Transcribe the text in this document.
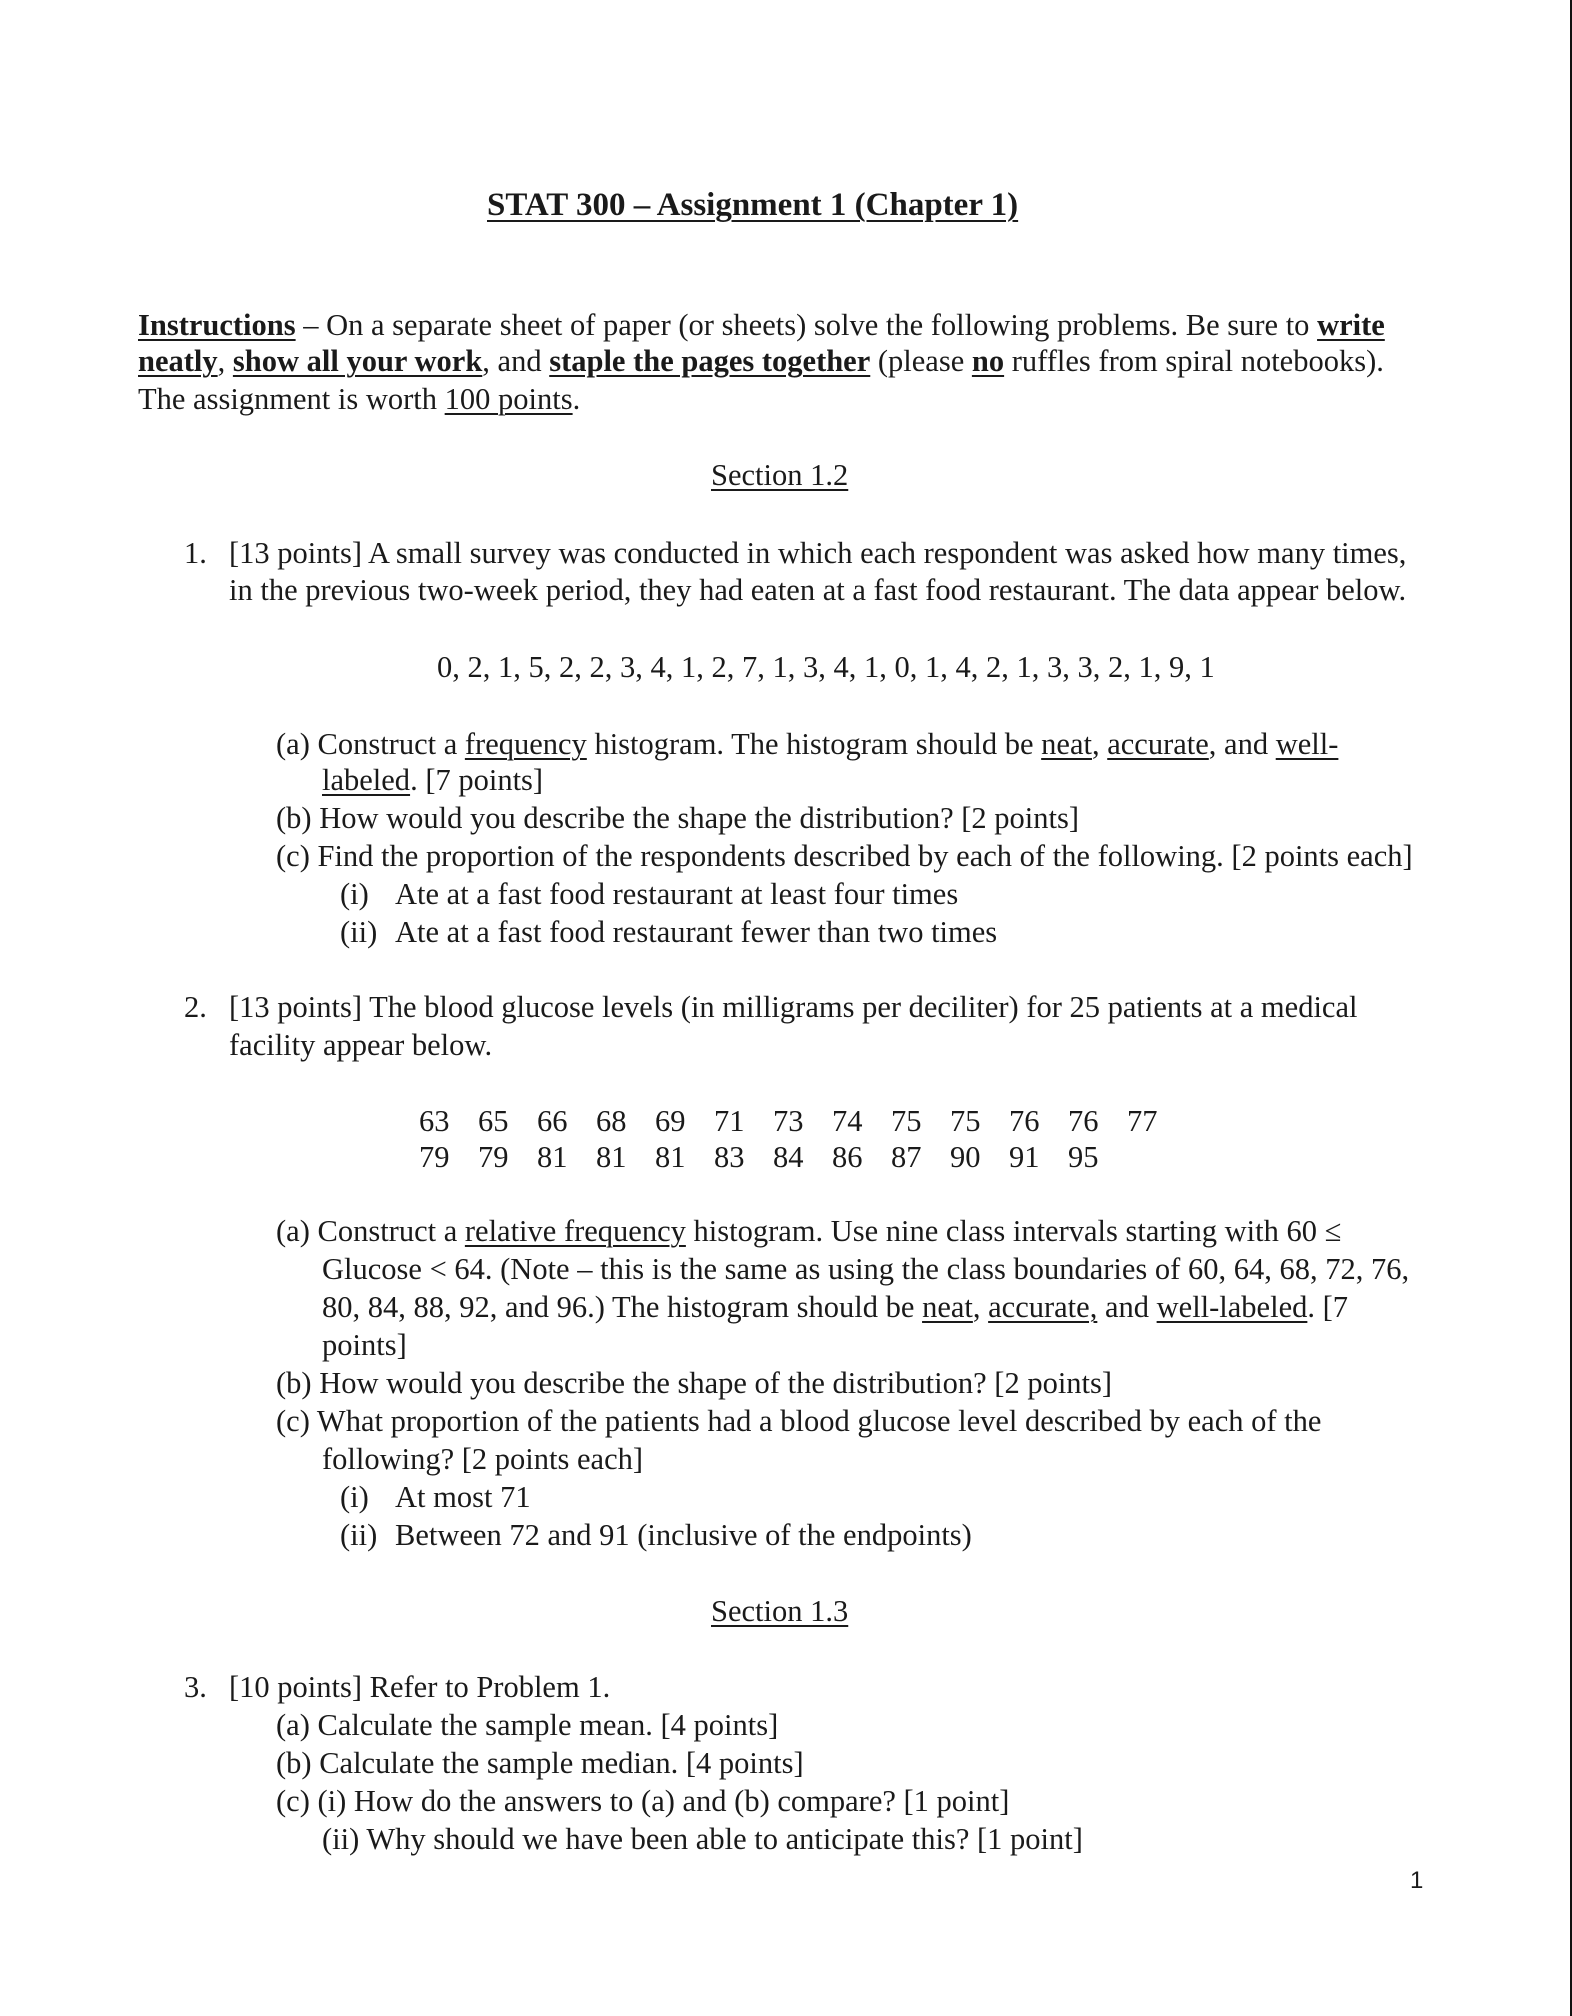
STAT 300 – Assignment 1 (Chapter 1)
Instructions – On a separate sheet of paper (or sheets) solve the following problems. Be sure to write
neatly, show all your work, and staple the pages together (please no ruffles from spiral notebooks).
The assignment is worth 100 points.
Section 1.2
1. [13 points] A small survey was conducted in which each respondent was asked how many times,
in the previous two-week period, they had eaten at a fast food restaurant. The data appear below.
0, 2, 1, 5, 2, 2, 3, 4, 1, 2, 7, 1, 3, 4, 1, 0, 1, 4, 2, 1, 3, 3, 2, 1, 9, 1
(a) Construct a frequency histogram. The histogram should be neat, accurate, and well-
labeled. [7 points]
(b) How would you describe the shape the distribution? [2 points]
(c) Find the proportion of the respondents described by each of the following. [2 points each]
(i) Ate at a fast food restaurant at least four times
(ii) Ate at a fast food restaurant fewer than two times
2. [13 points] The blood glucose levels (in milligrams per deciliter) for 25 patients at a medical
facility appear below.
63 65 66 68 69 71 73 74 75 75 76 76 77
79 79 81 81 81 83 84 86 87 90 91 95
(a) Construct a relative frequency histogram. Use nine class intervals starting with 60 ≤
Glucose < 64. (Note – this is the same as using the class boundaries of 60, 64, 68, 72, 76,
80, 84, 88, 92, and 96.) The histogram should be neat, accurate, and well-labeled. [7
points]
(b) How would you describe the shape of the distribution? [2 points]
(c) What proportion of the patients had a blood glucose level described by each of the
following? [2 points each]
(i) At most 71
(ii) Between 72 and 91 (inclusive of the endpoints)
Section 1.3
3. [10 points] Refer to Problem 1.
(a) Calculate the sample mean. [4 points]
(b) Calculate the sample median. [4 points]
(c) (i) How do the answers to (a) and (b) compare? [1 point]
(ii) Why should we have been able to anticipate this? [1 point]
1
